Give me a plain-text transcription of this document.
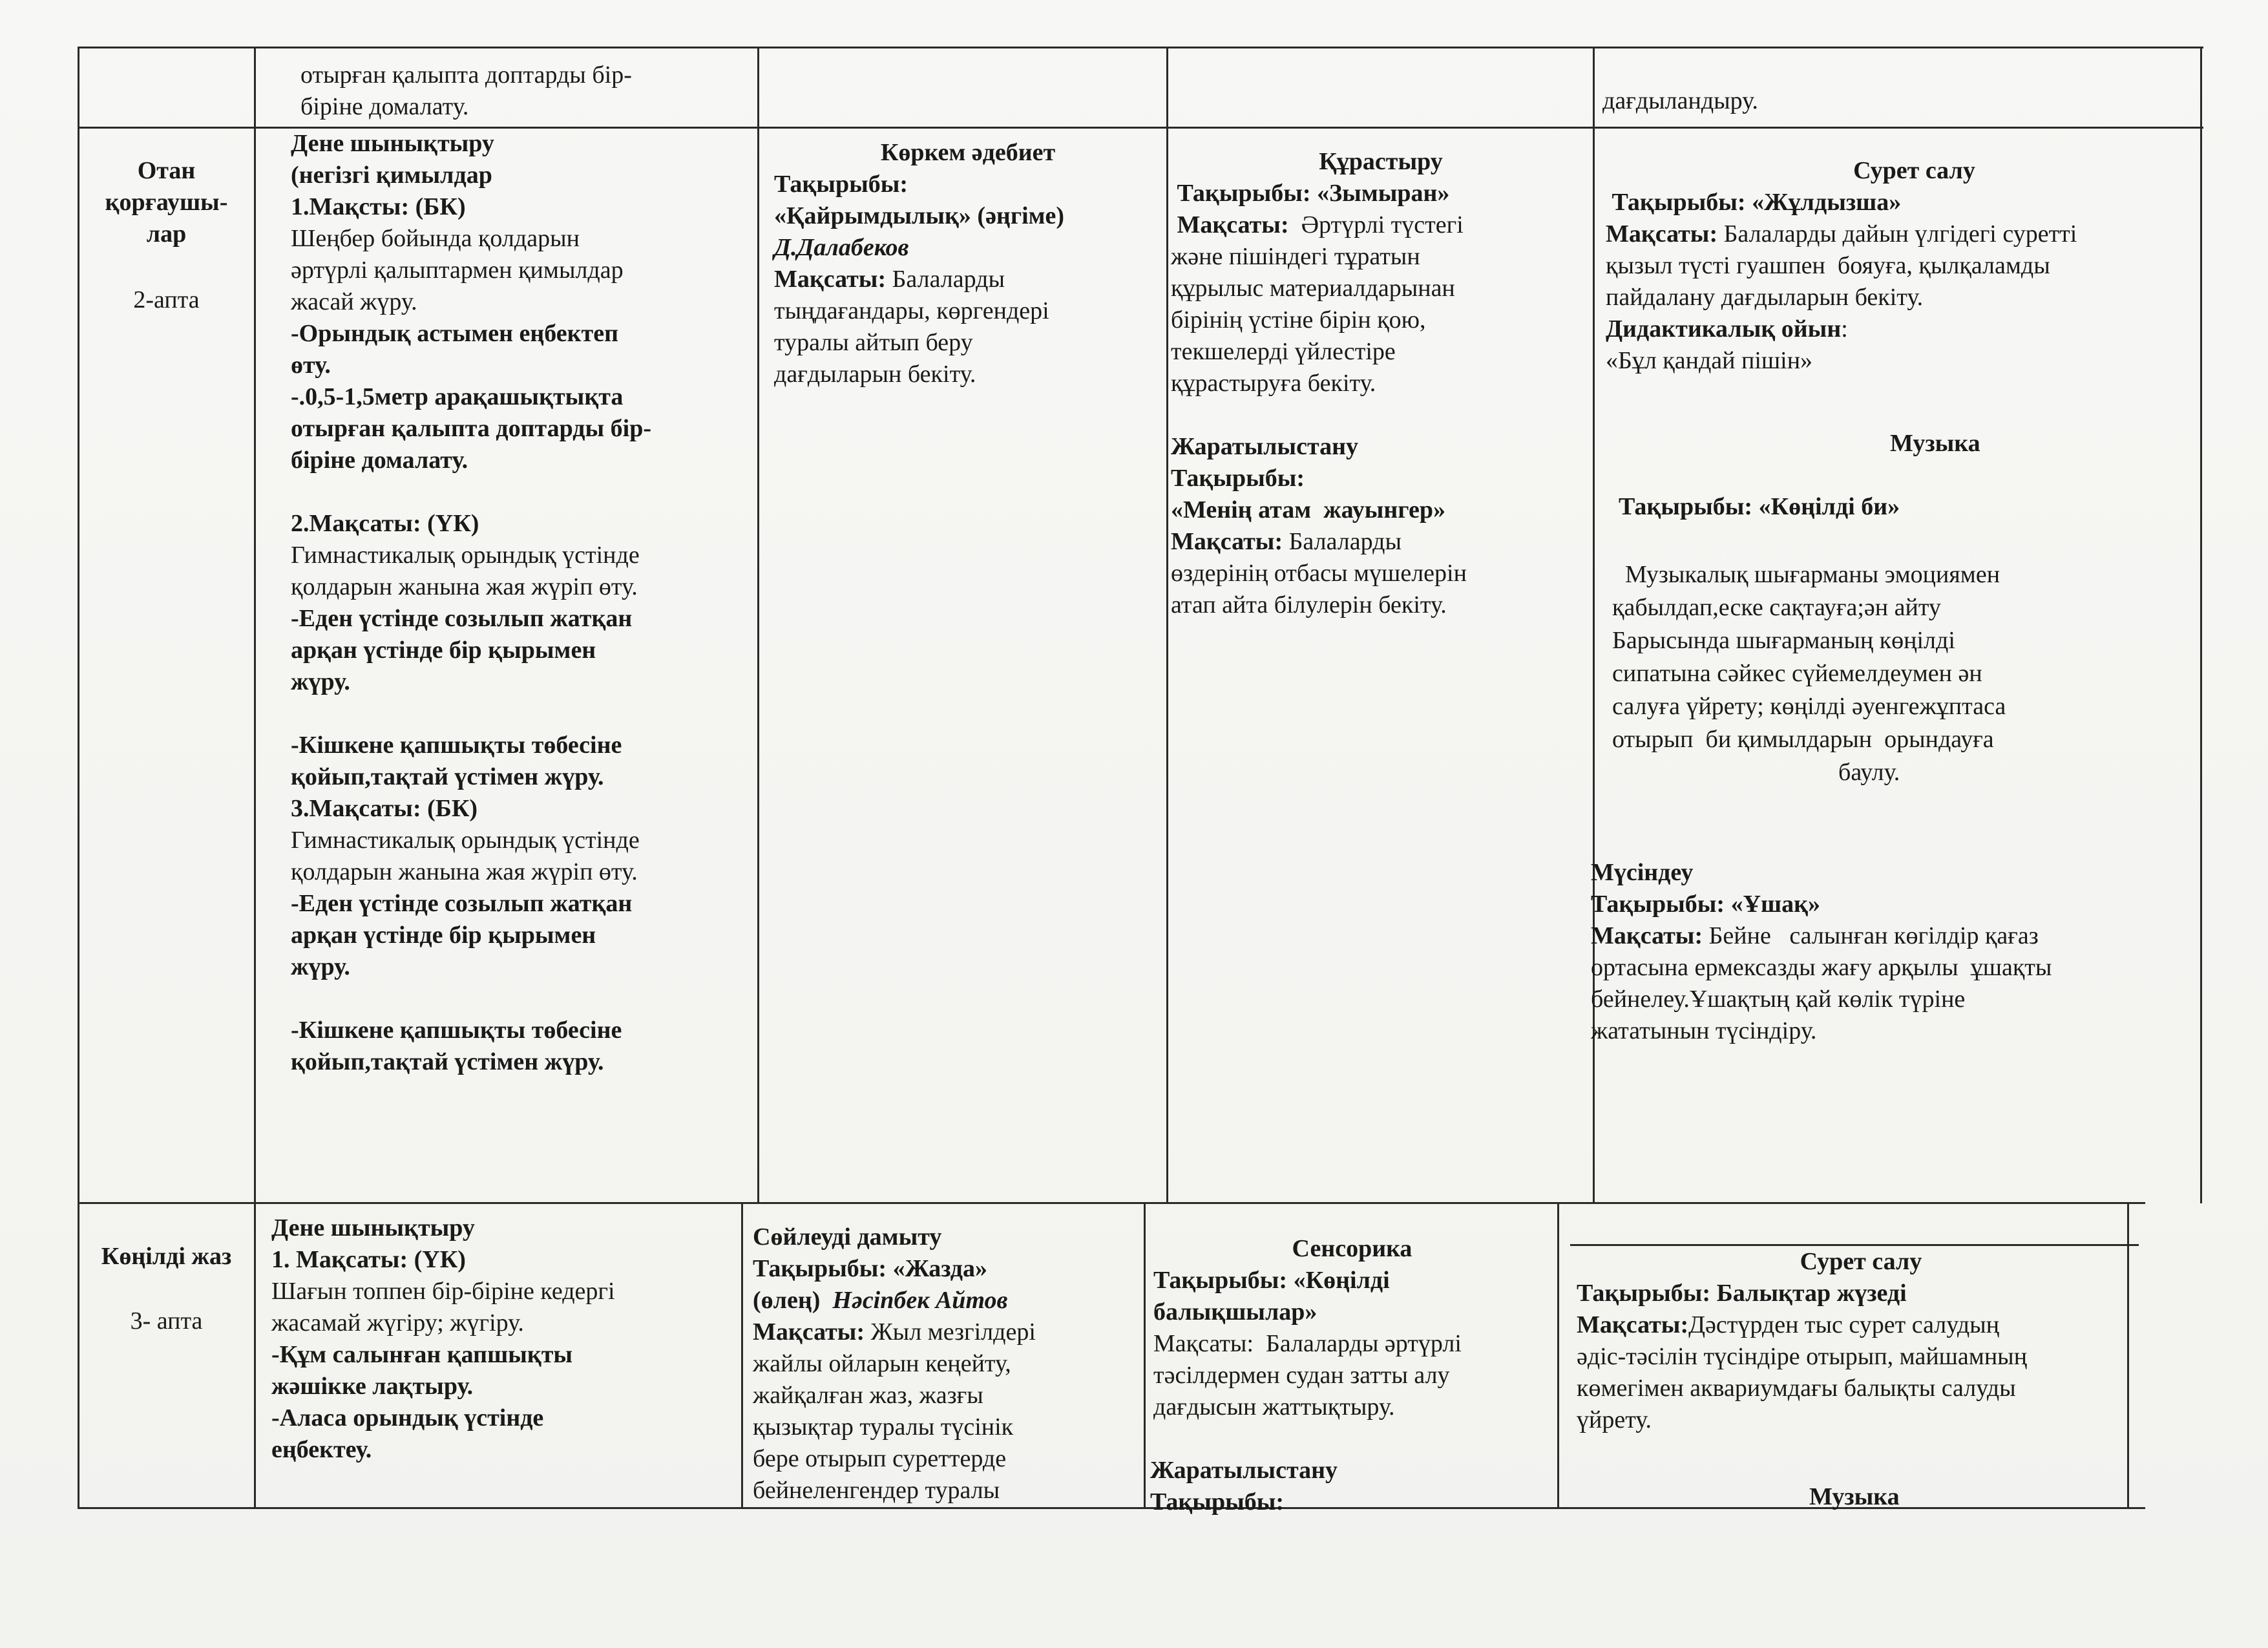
отырған қалыпта доптарды бір-
біріне домалату.	дағдыландыру.
Отан
қорғаушы-
лар
2-апта
Дене шынықтыру
(негізгі қимылдар
1.Мақсты: (БК)
Шеңбер бойында қолдарын
әртүрлі қалыптармен қимылдар
жасай жүру.
-Орындық астымен еңбектеп
өту.
-.0,5-1,5метр арақашықтықта
отырған қалыпта доптарды бір-
біріне домалату.
2.Мақсаты: (ҮК)
Гимнастикалық орындық үстінде
қолдарын жанына жая жүріп өту.
-Еден үстінде созылып жатқан
арқан үстінде бір қырымен
жүру.
-Кішкене қапшықты төбесіне
қойып,тақтай үстімен жүру.
3.Мақсаты: (БК)
Гимнастикалық орындық үстінде
қолдарын жанына жая жүріп өту.
-Еден үстінде созылып жатқан
арқан үстінде бір қырымен
жүру.
-Кішкене қапшықты төбесіне
қойып,тақтай үстімен жүру.
Көркем әдебиет
Тақырыбы:
«Қайрымдылық» (әңгіме)
Д.Далабеков
Мақсаты: Балаларды
тыңдағандары, көргендері
туралы айтып беру
дағдыларын бекіту.
Құрастыру
Тақырыбы: «Зымыран»
Мақсаты:  Әртүрлі түстегі
және пішіндегі тұратын
құрылыс материалдарынан
бірінің үстіне бірін қою,
текшелерді үйлестіре
құрастыруға бекіту.
Жаратылыстану
Тақырыбы:
«Менің атам  жауынгер»
Мақсаты: Балаларды
өздерінің отбасы мүшелерін
атап айта білулерін бекіту.
Сурет салу
Тақырыбы: «Жұлдызша»
Мақсаты: Балаларды дайын үлгідегі суретті
қызыл түсті гуашпен  бояуға, қылқаламды
пайдалану дағдыларын бекіту.
Дидактикалық ойын:
«Бұл қандай пішін»
Музыка
Тақырыбы: «Көңілді би»
Музыкалық шығарманы эмоциямен
қабылдап,еске сақтауға;ән айту
Барысында шығарманың көңілді
сипатына сәйкес сүйемелдеумен ән
салуға үйрету; көңілді әуенгежұптаса
отырып  би қимылдарын  орындауға
баулу.
Мүсіндеу
Тақырыбы: «Ұшақ»
Мақсаты: Бейне   салынған көгілдір қағаз
ортасына ермексазды жағу арқылы  ұшақты
бейнелеу.Ұшақтың қай көлік түріне
жататынын түсіндіру.
Көңілді жаз
3- апта
Дене шынықтыру
1. Мақсаты: (ҮК)
Шағын топпен бір-біріне кедергі
жасамай жүгіру; жүгіру.
-Құм салынған қапшықты
жәшікке лақтыру.
-Аласа орындық үстінде
еңбектеу.
Сөйлеуді дамыту
Тақырыбы: «Жазда»
(өлең)  Нәсіпбек Айтов
Мақсаты: Жыл мезгілдері
жайлы ойларын кеңейту,
жайқалған жаз, жазғы
қызықтар туралы түсінік
бере отырып суреттерде
бейнеленгендер туралы
Сенсорика
Тақырыбы: «Көңілді
балықшылар»
Мақсаты:  Балаларды әртүрлі
тәсілдермен судан затты алу
дағдысын жаттықтыру.
Жаратылыстану
Тақырыбы:
Сурет салу
Тақырыбы: Балықтар жүзеді
Мақсаты:Дәстүрден тыс сурет салудың
әдіс-тәсілін түсіндіре отырып, майшамның
көмегімен аквариумдағы балықты салуды
үйрету.
Музыка
